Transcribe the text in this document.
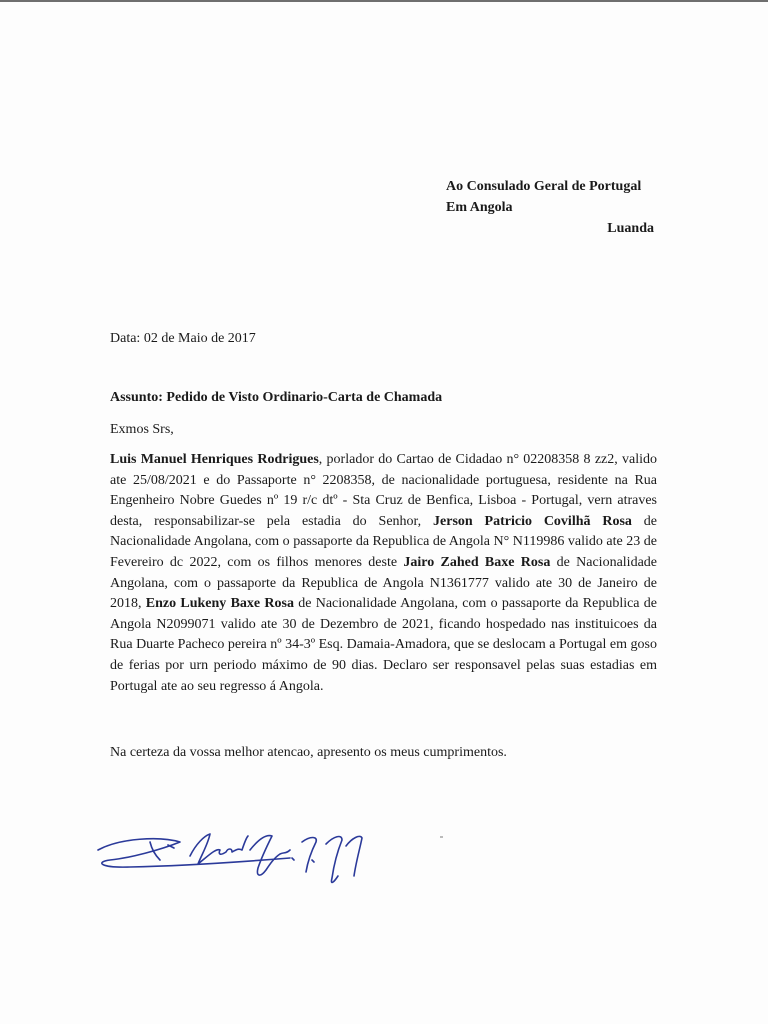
Ao Consulado Geral de Portugal
Em Angola
Luanda
Data: 02 de Maio de 2017
Assunto: Pedido de Visto Ordinario-Carta de Chamada
Exmos Srs,

Luis Manuel Henriques Rodrigues, porlador do Cartao de Cidadao n° 02208358 8 zz2, valido ate 25/08/2021 e do Passaporte n° 2208358, de nacionalidade portuguesa, residente na Rua Engenheiro Nobre Guedes nº 19 r/c dtº - Sta Cruz de Benfica, Lisboa - Portugal, vern atraves desta, responsabilizar-se pela estadia do Senhor, Jerson Patricio Covilhã Rosa de Nacionalidade Angolana, com o passaporte da Republica de Angola N° N119986 valido ate 23 de Fevereiro dc 2022, com os filhos menores deste Jairo Zahed Baxe Rosa de Nacionalidade Angolana, com o passaporte da Republica de Angola N1361777 valido ate 30 de Janeiro de 2018, Enzo Lukeny Baxe Rosa de Nacionalidade Angolana, com o passaporte da Republica de Angola N2099071 valido ate 30 de Dezembro de 2021, ficando hospedado nas instituicoes da Rua Duarte Pacheco pereira nº 34-3º Esq. Damaia-Amadora, que se deslocam a Portugal em goso de ferias por urn periodo máximo de 90 dias. Declaro ser responsavel pelas suas estadias em Portugal ate ao seu regresso á Angola.

Na certeza da vossa melhor atencao, apresento os meus cumprimentos.
